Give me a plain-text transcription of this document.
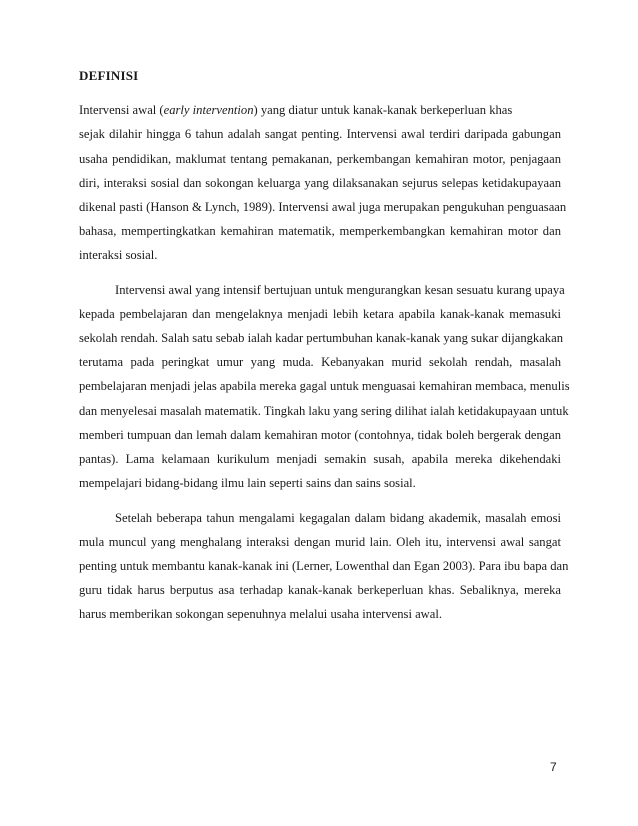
DEFINISI

Intervensi awal (early intervention) yang diatur untuk kanak-kanak berkeperluan khas

sejak dilahir hingga 6 tahun adalah sangat penting. Intervensi awal terdiri daripada gabungan

usaha pendidikan, maklumat tentang pemakanan, perkembangan kemahiran motor, penjagaan

diri, interaksi sosial dan sokongan keluarga yang dilaksanakan sejurus selepas ketidakupayaan

dikenal pasti (Hanson & Lynch, 1989). Intervensi awal juga merupakan pengukuhan penguasaan

bahasa, mempertingkatkan kemahiran matematik, memperkembangkan kemahiran motor dan

interaksi sosial.

Intervensi awal yang intensif bertujuan untuk mengurangkan kesan sesuatu kurang upaya

kepada pembelajaran dan mengelaknya menjadi lebih ketara apabila kanak-kanak memasuki

sekolah rendah. Salah satu sebab ialah kadar pertumbuhan kanak-kanak yang sukar dijangkakan

terutama pada peringkat umur yang muda. Kebanyakan murid sekolah rendah, masalah

pembelajaran menjadi jelas apabila mereka gagal untuk menguasai kemahiran membaca, menulis

dan menyelesai masalah matematik. Tingkah laku yang sering dilihat ialah ketidakupayaan untuk

memberi tumpuan dan lemah dalam kemahiran motor (contohnya, tidak boleh bergerak dengan

pantas). Lama kelamaan kurikulum menjadi semakin susah, apabila mereka dikehendaki

mempelajari bidang-bidang ilmu lain seperti sains dan sains sosial.

Setelah beberapa tahun mengalami kegagalan dalam bidang akademik, masalah emosi

mula muncul yang menghalang interaksi dengan murid lain. Oleh itu, intervensi awal sangat

penting untuk membantu kanak-kanak ini (Lerner, Lowenthal dan Egan 2003). Para ibu bapa dan

guru tidak harus berputus asa terhadap kanak-kanak berkeperluan khas. Sebaliknya, mereka

harus memberikan sokongan sepenuhnya melalui usaha intervensi awal.

7
